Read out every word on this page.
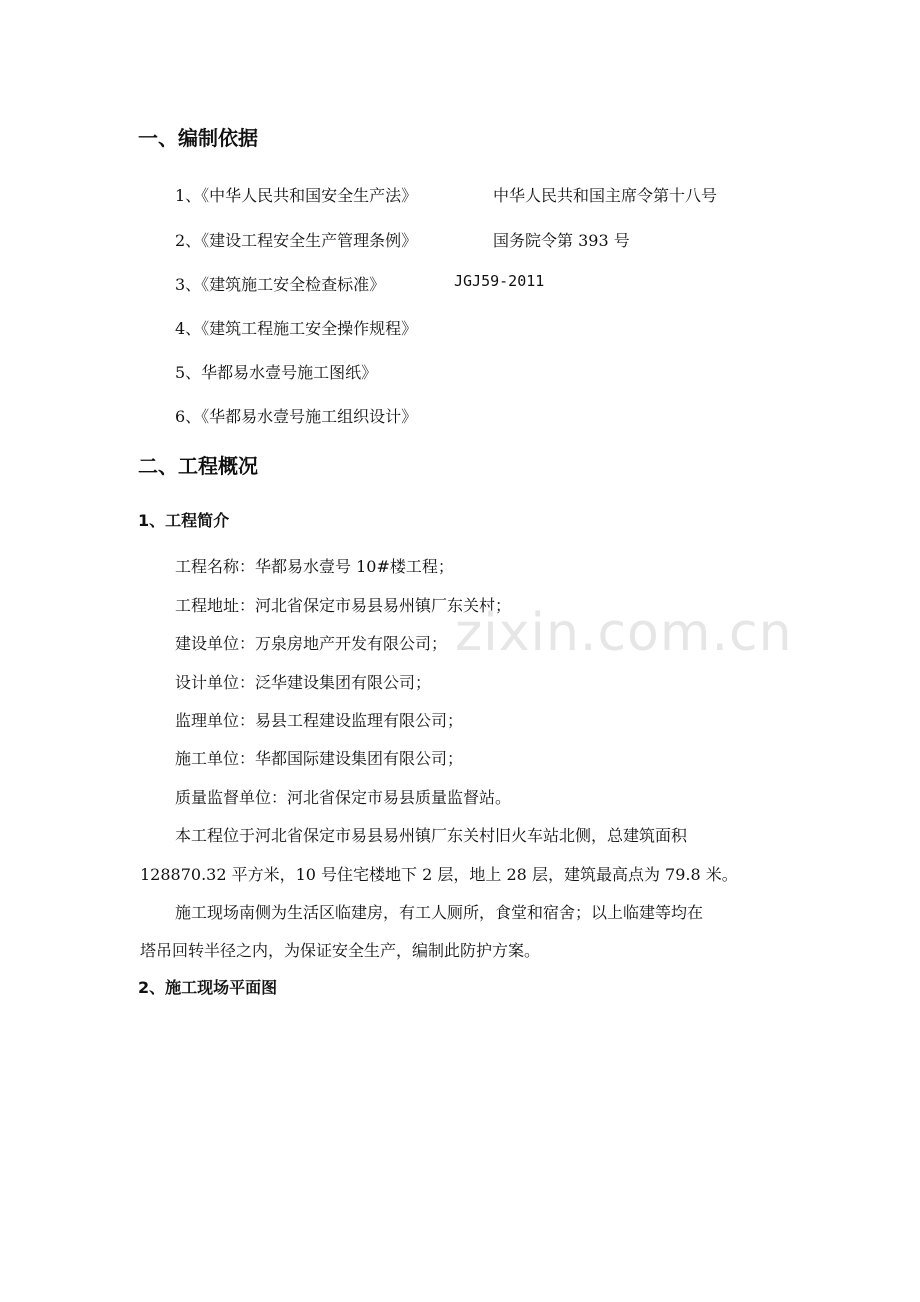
一、编制依据
1、《中华人民共和国安全生产法》	中华人民共和国主席令第十八号
2、《建设工程安全生产管理条例》	国务院令第 393 号
3、《建筑施工安全检查标准》	JGJ59-2011
4、《建筑工程施工安全操作规程》
5、华都易水壹号施工图纸》
6、《华都易水壹号施工组织设计》
二、工程概况
1、工程简介
工程名称：华都易水壹号 10#楼工程；
工程地址：河北省保定市易县易州镇厂东关村；
建设单位：万泉房地产开发有限公司；
设计单位：泛华建设集团有限公司；
监理单位：易县工程建设监理有限公司；
施工单位：华都国际建设集团有限公司；
质量监督单位：河北省保定市易县质量监督站。
本工程位于河北省保定市易县易州镇厂东关村旧火车站北侧，总建筑面积
128870.32 平方米，10 号住宅楼地下 2 层，地上 28 层，建筑最高点为 79.8 米。
施工现场南侧为生活区临建房，有工人厕所，食堂和宿舍；以上临建等均在
塔吊回转半径之内，为保证安全生产，编制此防护方案。
2、施工现场平面图
zixin.com.cn
